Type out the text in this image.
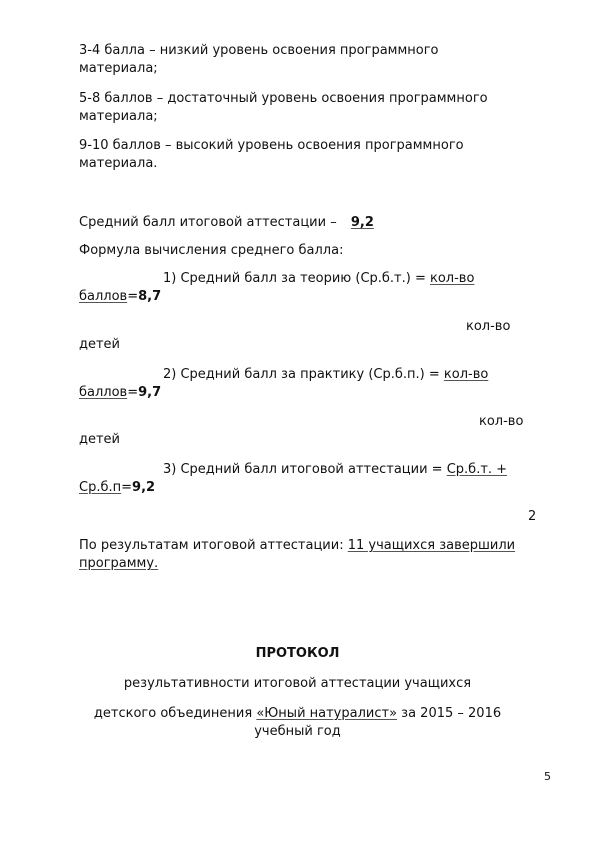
3-4 балла – низкий уровень освоения программного
материала;
5-8 баллов – достаточный уровень освоения программного
материала;
9-10 баллов – высокий уровень освоения программного
материала.
Средний балл итоговой аттестации – 9,2
Формула вычисления среднего балла:
1) Средний балл за теорию (Ср.б.т.) = кол-во
баллов=8,7
кол-во
детей
2) Средний балл за практику (Ср.б.п.) = кол-во
баллов=9,7
кол-во
детей
3) Средний балл итоговой аттестации = Ср.б.т. +
Ср.б.п=9,2
2
По результатам итоговой аттестации: 11 учащихся завершили
программу.
ПРОТОКОЛ
результативности итоговой аттестации учащихся
детского объединения «Юный натуралист» за 2015 – 2016
учебный год
5
